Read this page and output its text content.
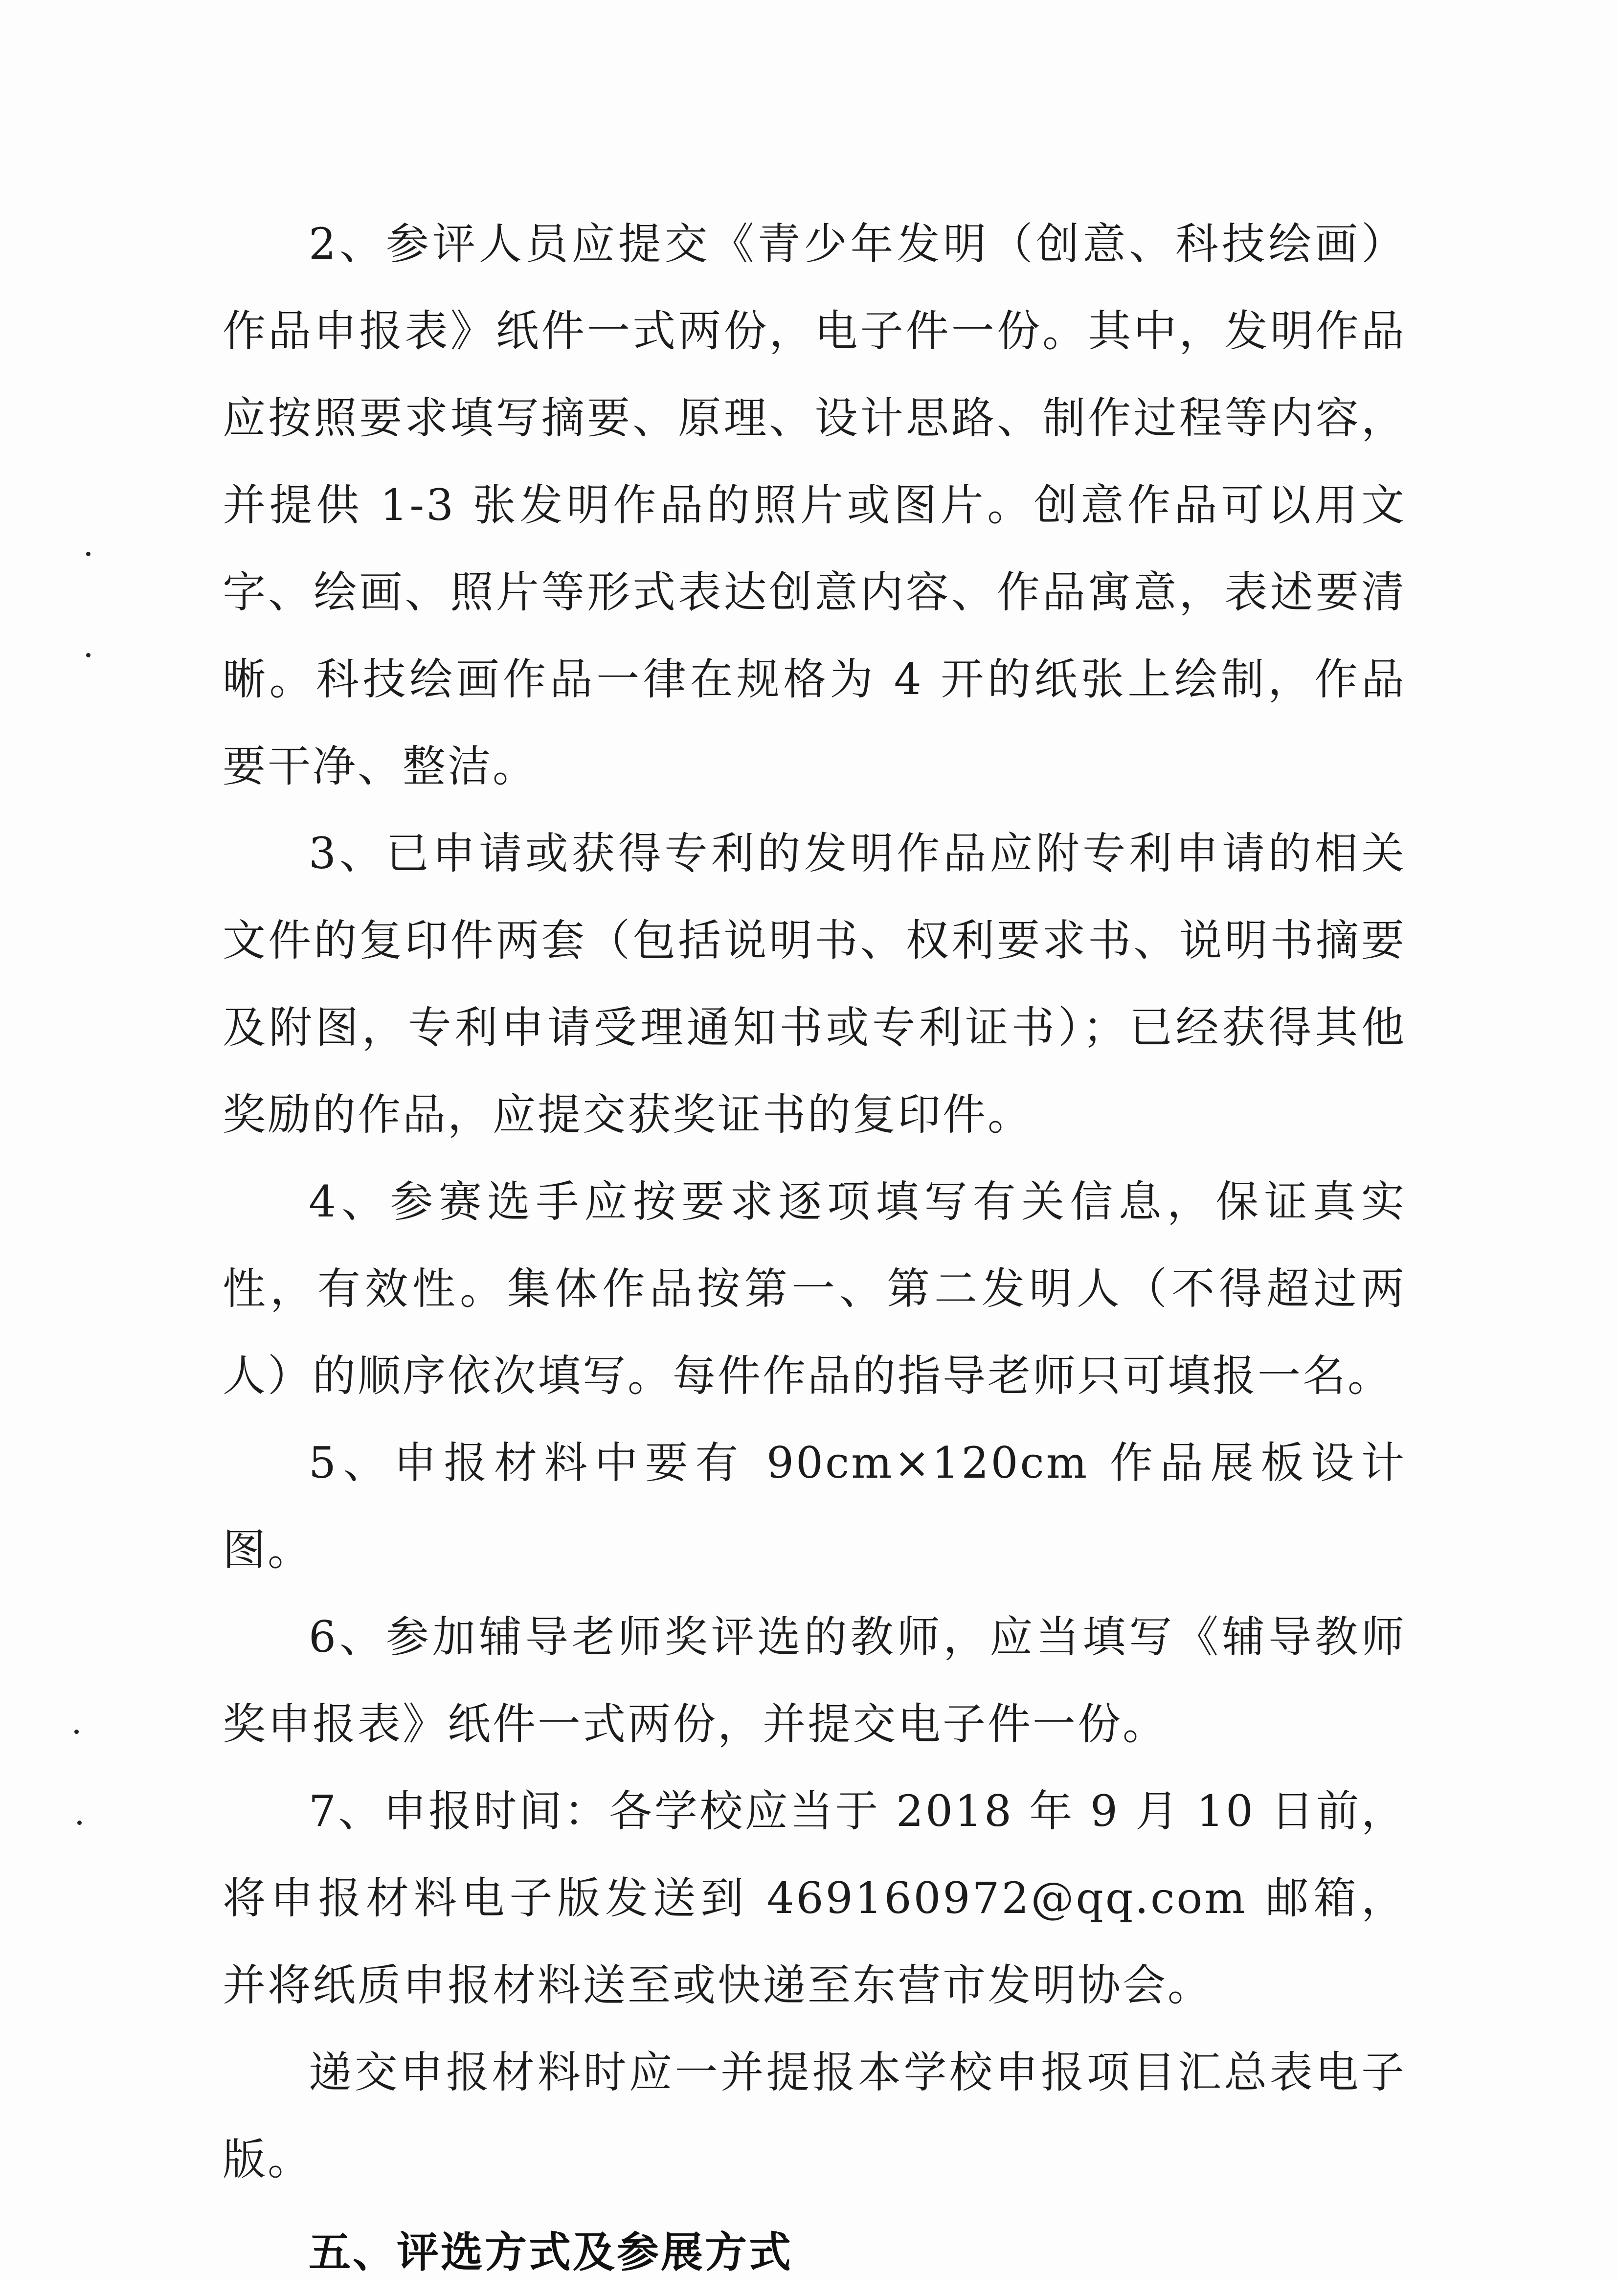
2、参评人员应提交《青少年发明（创意、科技绘画）作品申报表》纸件一式两份，电子件一份。其中，发明作品应按照要求填写摘要、原理、设计思路、制作过程等内容，并提供 1-3 张发明作品的照片或图片。创意作品可以用文字、绘画、照片等形式表达创意内容、作品寓意，表述要清晰。科技绘画作品一律在规格为 4 开的纸张上绘制，作品要干净、整洁。

3、已申请或获得专利的发明作品应附专利申请的相关文件的复印件两套（包括说明书、权利要求书、说明书摘要及附图，专利申请受理通知书或专利证书）；已经获得其他奖励的作品，应提交获奖证书的复印件。

4、参赛选手应按要求逐项填写有关信息，保证真实性，有效性。集体作品按第一、第二发明人（不得超过两人）的顺序依次填写。每件作品的指导老师只可填报一名。

5、申报材料中要有 90cm×120cm 作品展板设计图。

6、参加辅导老师奖评选的教师，应当填写《辅导教师奖申报表》纸件一式两份，并提交电子件一份。

7、申报时间：各学校应当于 2018 年 9 月 10 日前，将申报材料电子版发送到 469160972@qq.com 邮箱，并将纸质申报材料送至或快递至东营市发明协会。

递交申报材料时应一并提报本学校申报项目汇总表电子版。

五、评选方式及参展方式
